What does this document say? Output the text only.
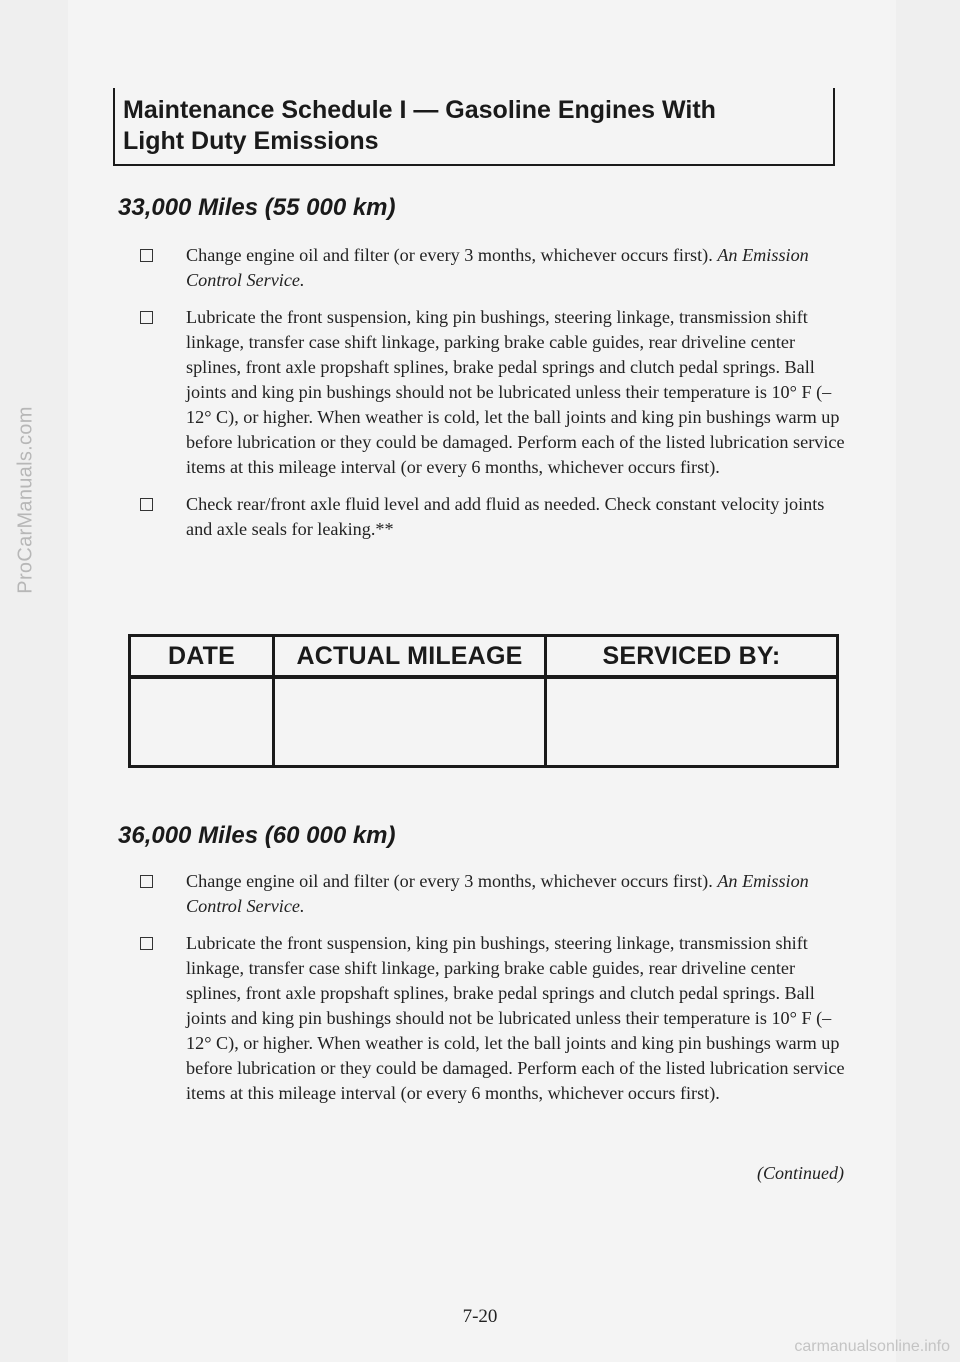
ProCarManuals.com
Maintenance Schedule I — Gasoline Engines With
Light Duty Emissions
33,000 Miles (55 000 km)
Change engine oil and filter (or every 3 months, whichever occurs first). An Emission Control Service.
Lubricate the front suspension, king pin bushings, steering linkage, transmission shift linkage, transfer case shift linkage, parking brake cable guides, rear driveline center splines, front axle propshaft splines, brake pedal springs and clutch pedal springs. Ball joints and king pin bushings should not be lubricated unless their temperature is 10° F (–12° C), or higher. When weather is cold, let the ball joints and king pin bushings warm up before lubrication or they could be damaged. Perform each of the listed lubrication service items at this mileage interval (or every 6 months, whichever occurs first).
Check rear/front axle fluid level and add fluid as needed. Check constant velocity joints and axle seals for leaking.**
DATE	ACTUAL MILEAGE	SERVICED BY:

36,000 Miles (60 000 km)
Change engine oil and filter (or every 3 months, whichever occurs first). An Emission Control Service.
Lubricate the front suspension, king pin bushings, steering linkage, transmission shift linkage, transfer case shift linkage, parking brake cable guides, rear driveline center splines, front axle propshaft splines, brake pedal springs and clutch pedal springs. Ball joints and king pin bushings should not be lubricated unless their temperature is 10° F (–12° C), or higher. When weather is cold, let the ball joints and king pin bushings warm up before lubrication or they could be damaged. Perform each of the listed lubrication service items at this mileage interval (or every 6 months, whichever occurs first).
(Continued)
7-20
carmanualsonline.info
